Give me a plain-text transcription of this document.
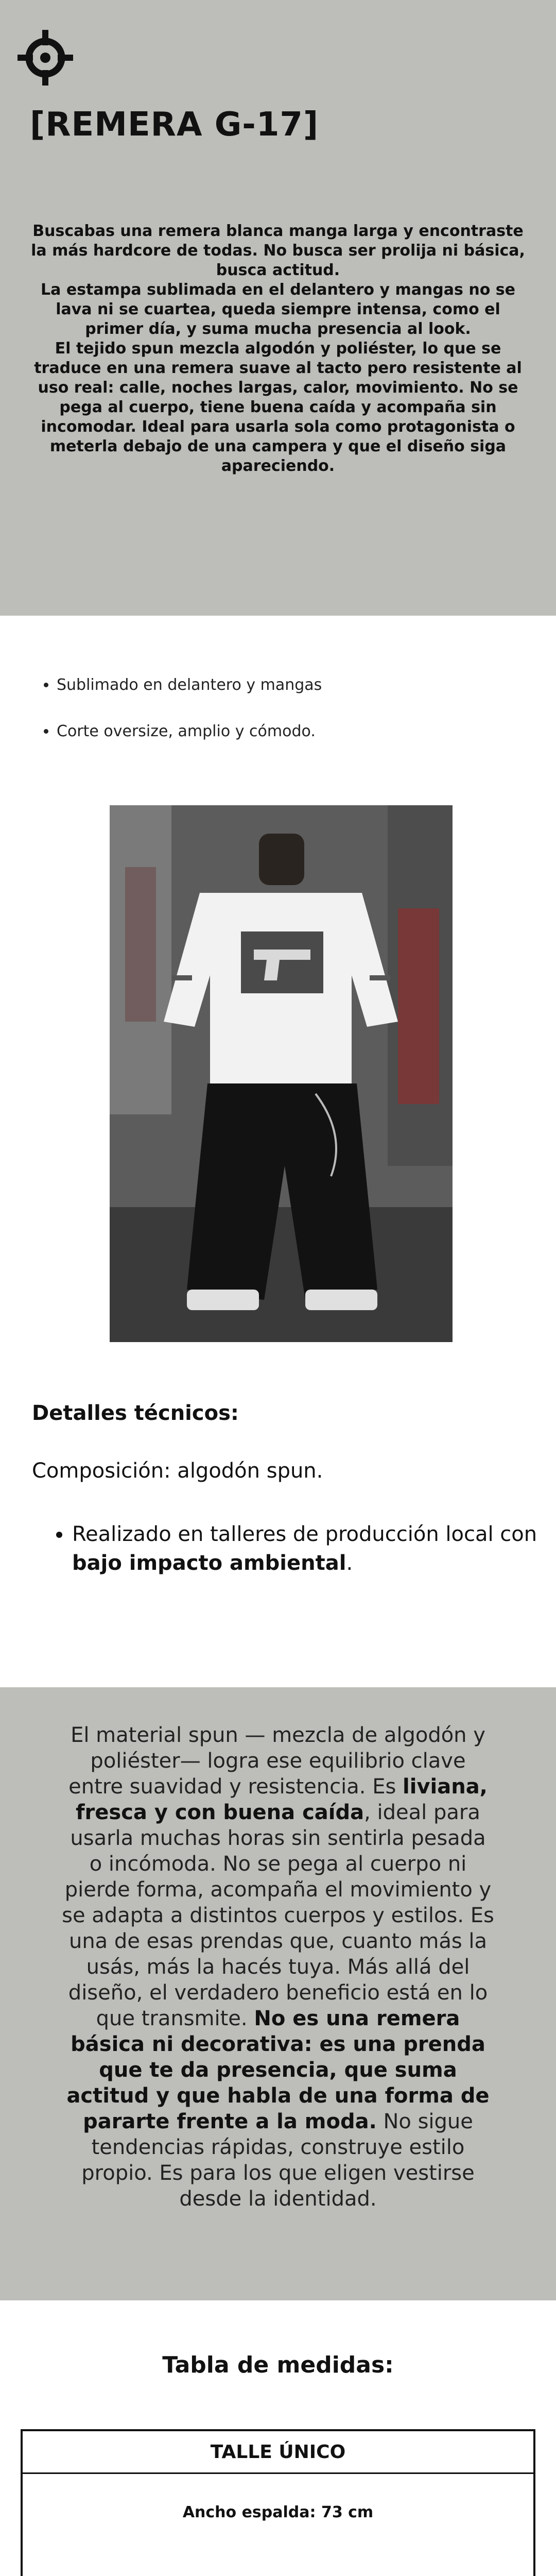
[REMERA G-17]

Buscabas una remera blanca manga larga y encontraste la más hardcore de todas. No busca ser prolija ni básica, busca actitud.

La estampa sublimada en el delantero y mangas no se lava ni se cuartea, queda siempre intensa, como el primer día, y suma mucha presencia al look.

El tejido spun mezcla algodón y poliéster, lo que se traduce en una remera suave al tacto pero resistente al uso real: calle, noches largas, calor, movimiento. No se pega al cuerpo, tiene buena caída y acompaña sin incomodar. Ideal para usarla sola como protagonista o meterla debajo de una campera y que el diseño siga apareciendo.

• Sublimado en delantero y mangas
• Corte oversize, amplio y cómodo.
Detalles técnicos:

Composición: algodón spun.

• Realizado en talleres de producción local con bajo impacto ambiental.

El material spun — mezcla de algodón y poliéster— logra ese equilibrio clave entre suavidad y resistencia. Es liviana, fresca y con buena caída, ideal para usarla muchas horas sin sentirla pesada o incómoda. No se pega al cuerpo ni pierde forma, acompaña el movimiento y se adapta a distintos cuerpos y estilos. Es una de esas prendas que, cuanto más la usás, más la hacés tuya. Más allá del diseño, el verdadero beneficio está en lo que transmite. No es una remera básica ni decorativa: es una prenda que te da presencia, que suma actitud y que habla de una forma de pararte frente a la moda. No sigue tendencias rápidas, construye estilo propio. Es para los que eligen vestirse desde la identidad.

Tabla de medidas:
TALLE ÚNICO
Ancho espalda: 73 cm
